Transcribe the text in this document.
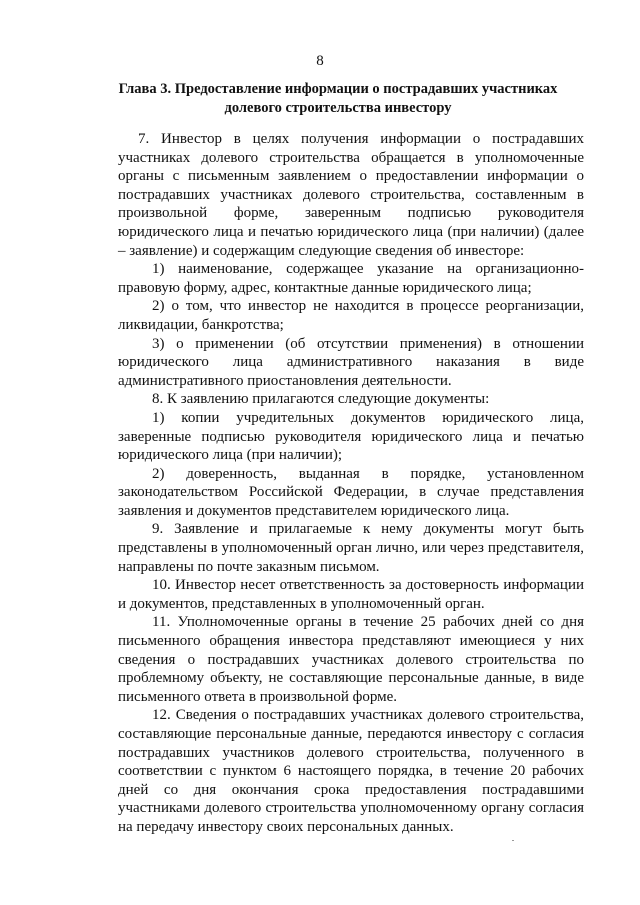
8
Глава 3. Предоставление информации о пострадавших участниках долевого строительства инвестору

7. Инвестор в целях получения информации о пострадавших участниках долевого строительства обращается в уполномоченные органы с письменным заявлением о предоставлении информации о пострадавших участниках долевого строительства, составленным в произвольной форме, заверенным подписью руководителя юридического лица и печатью юридического лица (при наличии) (далее – заявление) и содержащим следующие сведения об инвесторе:

1) наименование, содержащее указание на организационно-правовую форму, адрес, контактные данные юридического лица;

2) о том, что инвестор не находится в процессе реорганизации, ликвидации, банкротства;

3) о применении (об отсутствии применения) в отношении юридического лица административного наказания в виде административного приостановления деятельности.

8. К заявлению прилагаются следующие документы:

1) копии учредительных документов юридического лица, заверенные подписью руководителя юридического лица и печатью юридического лица (при наличии);

2) доверенность, выданная в порядке, установленном законодательством Российской Федерации, в случае представления заявления и документов представителем юридического лица.

9. Заявление и прилагаемые к нему документы могут быть представлены в уполномоченный орган лично, или через представителя, направлены по почте заказным письмом.

10. Инвестор несет ответственность за достоверность информации и документов, представленных в уполномоченный орган.

11. Уполномоченные органы в течение 25 рабочих дней со дня письменного обращения инвестора представляют имеющиеся у них сведения о пострадавших участниках долевого строительства по проблемному объекту, не составляющие персональные данные, в виде письменного ответа в произвольной форме.

12. Сведения о пострадавших участниках долевого строительства, составляющие персональные данные, передаются инвестору с согласия пострадавших участников долевого строительства, полученного в соответствии с пунктом 6 настоящего порядка, в течение 20 рабочих дней со дня окончания срока предоставления пострадавшими участниками долевого строительства уполномоченному органу согласия на передачу инвестору своих персональных данных.
